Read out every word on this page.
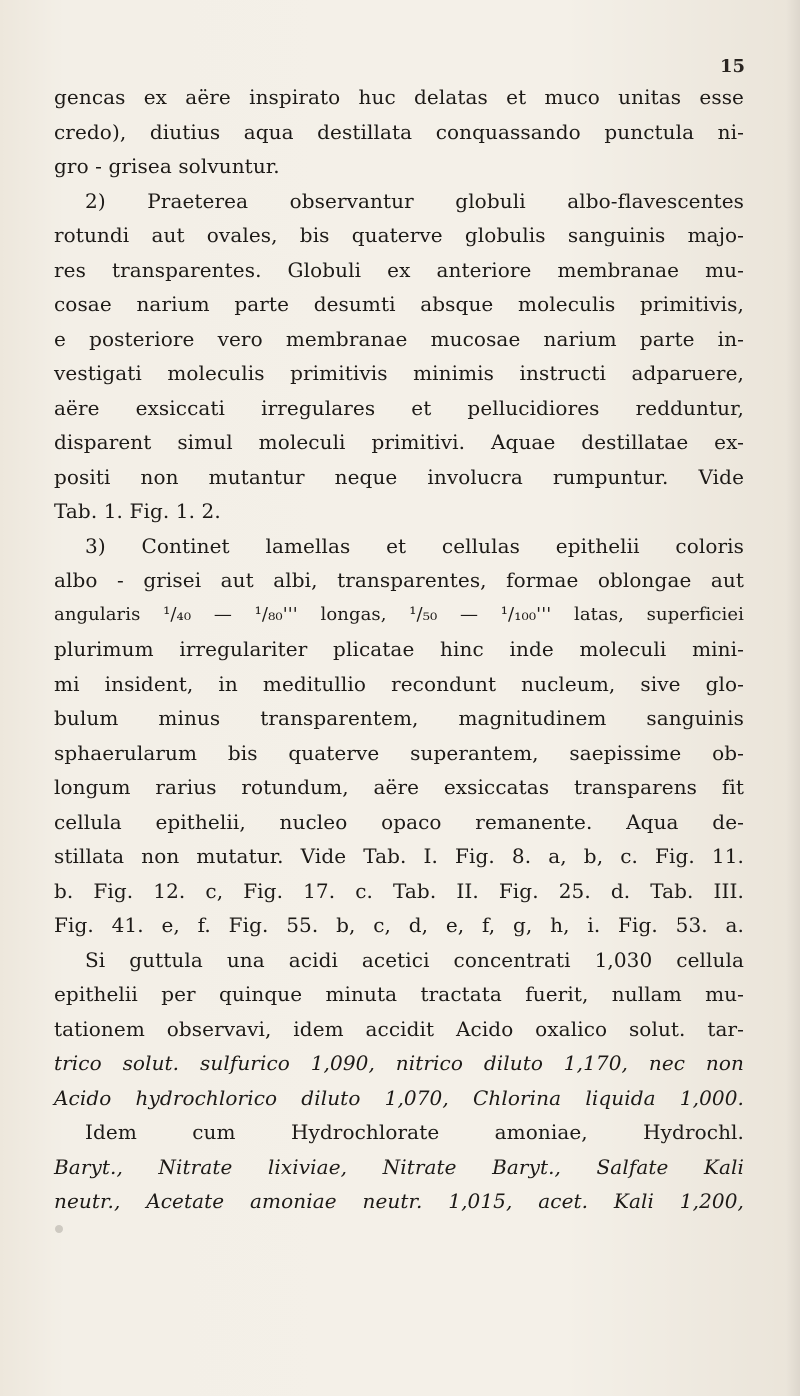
15
gencas ex aëre inspirato huc delatas et muco unitas esse
credo), diutius aqua destillata conquassando punctula ni-
gro - grisea solvuntur.
2) Praeterea observantur globuli albo-flavescentes
rotundi aut ovales, bis quaterve globulis sanguinis majo-
res transparentes. Globuli ex anteriore membranae mu-
cosae narium parte desumti absque moleculis primitivis,
e posteriore vero membranae mucosae narium parte in-
vestigati moleculis primitivis minimis instructi adparuere,
aëre exsiccati irregulares et pellucidiores redduntur,
disparent simul moleculi primitivi. Aquae destillatae ex-
positi non mutantur neque involucra rumpuntur. Vide
Tab. 1. Fig. 1. 2.
3) Continet lamellas et cellulas epithelii coloris
albo - grisei aut albi, transparentes, formae oblongae aut
angularis ¹/₄₀ — ¹/₈₀''' longas, ¹/₅₀ — ¹/₁₀₀''' latas, superficiei
plurimum irregulariter plicatae hinc inde moleculi mini-
mi insident, in meditullio recondunt nucleum, sive glo-
bulum minus transparentem, magnitudinem sanguinis
sphaerularum bis quaterve superantem, saepissime ob-
longum rarius rotundum, aëre exsiccatas transparens fit
cellula epithelii, nucleo opaco remanente. Aqua de-
stillata non mutatur. Vide Tab. I. Fig. 8. a, b, c. Fig. 11.
b. Fig. 12. c, Fig. 17. c. Tab. II. Fig. 25. d. Tab. III.
Fig. 41. e, f. Fig. 55. b, c, d, e, f, g, h, i. Fig. 53. a.
Si guttula una acidi acetici concentrati 1,030 cellula
epithelii per quinque minuta tractata fuerit, nullam mu-
tationem observavi, idem accidit Acido oxalico solut. tar-
trico solut. sulfurico 1,090, nitrico diluto 1,170, nec non
Acido hydrochlorico diluto 1,070, Chlorina liquida 1,000.
Idem cum Hydrochlorate amoniae, Hydrochl.
Baryt., Nitrate lixiviae, Nitrate Baryt., Salfate Kali
neutr., Acetate amoniae neutr. 1,015, acet. Kali 1,200,
